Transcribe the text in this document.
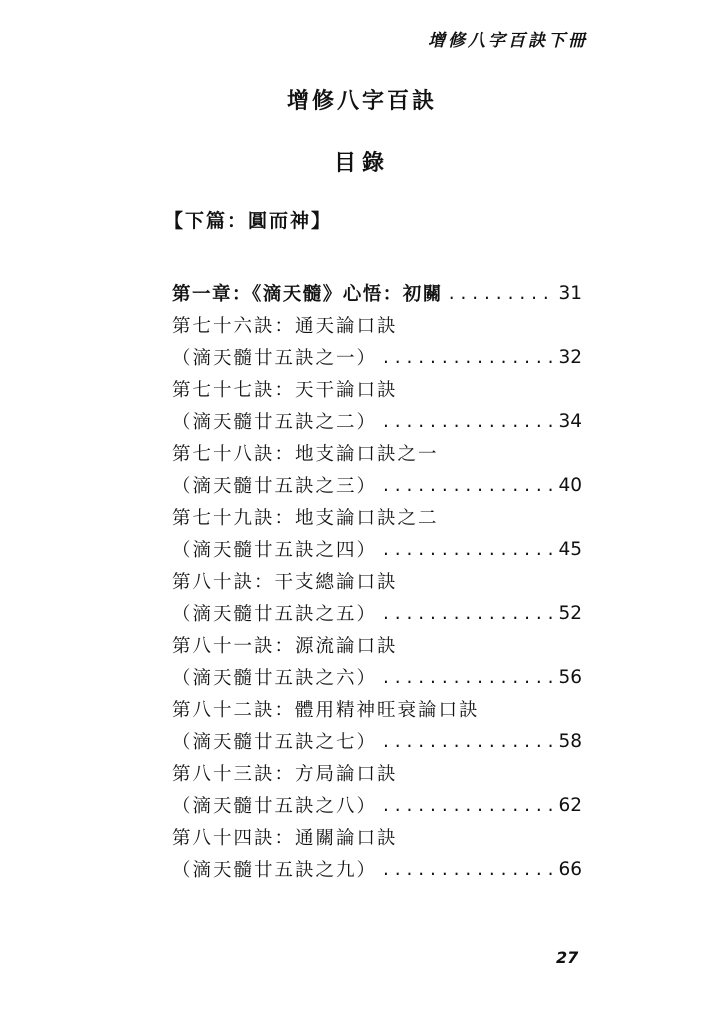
增修八字百訣下冊
增修八字百訣
目錄
【下篇：圓而神】
第一章：《滴天髓》心悟：初關 . . .	31
第七十六訣：通天論口訣
（滴天髓廿五訣之一） . . .	32
第七十七訣：天干論口訣
（滴天髓廿五訣之二） . . .	34
第七十八訣：地支論口訣之一
（滴天髓廿五訣之三） . . .	40
第七十九訣：地支論口訣之二
（滴天髓廿五訣之四） . . .	45
第八十訣：干支總論口訣
（滴天髓廿五訣之五） . . .	52
第八十一訣：源流論口訣
（滴天髓廿五訣之六） . . .	56
第八十二訣：體用精神旺衰論口訣
（滴天髓廿五訣之七） . . .	58
第八十三訣：方局論口訣
（滴天髓廿五訣之八） . . .	62
第八十四訣：通關論口訣
（滴天髓廿五訣之九） . . .	66
27
